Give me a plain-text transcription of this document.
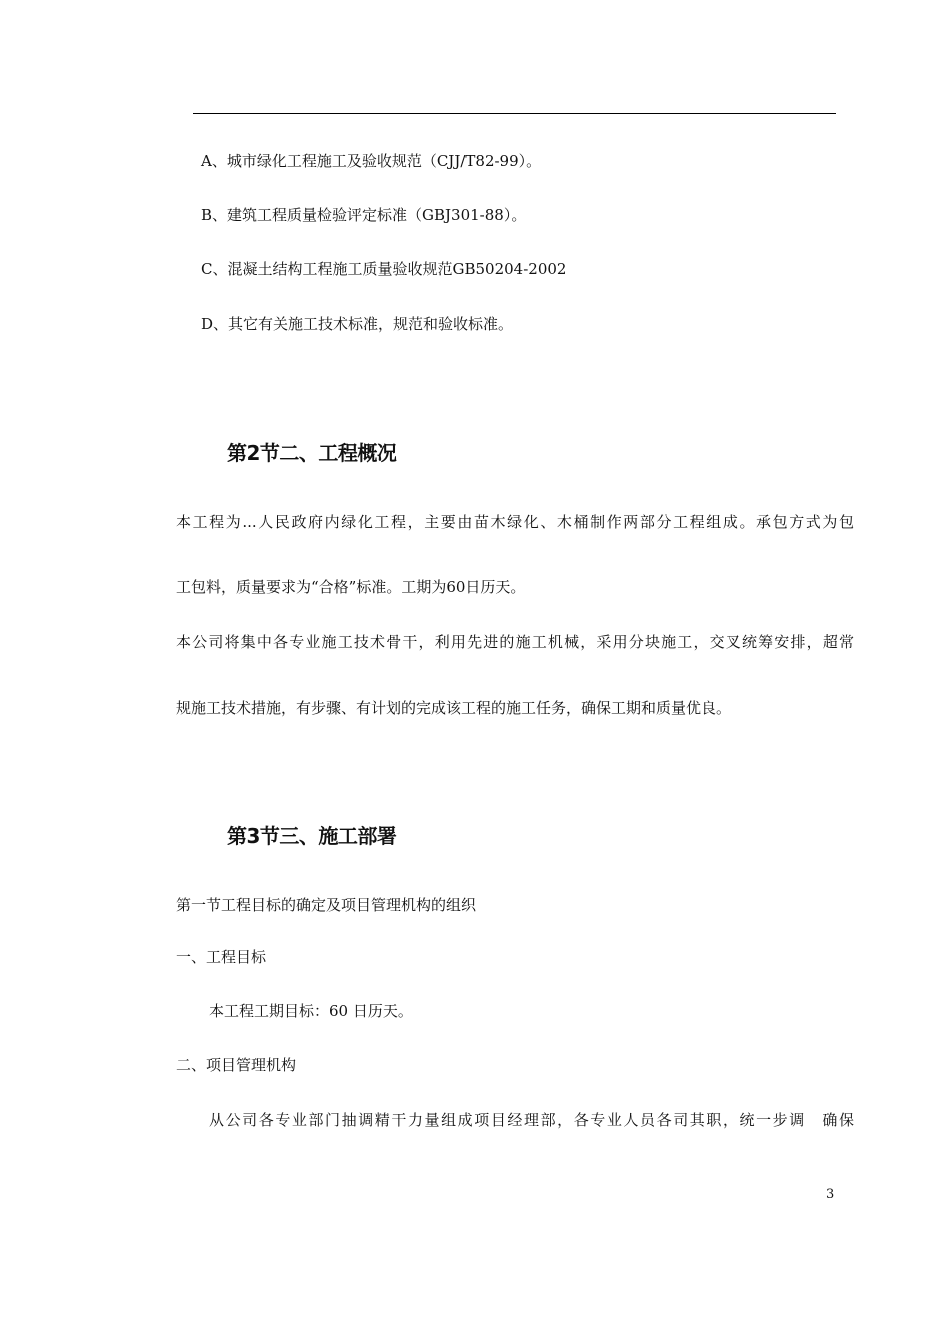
A、城市绿化工程施工及验收规范（CJJ/T82-99）。
B、建筑工程质量检验评定标准（GBJ301-88）。
C、混凝土结构工程施工质量验收规范GB50204-2002
D、其它有关施工技术标准，规范和验收标准。
第2节二、工程概况
本工程为...人民政府内绿化工程，主要由苗木绿化、木桶制作两部分工程组成。承包方式为包
工包料，质量要求为“合格”标准。工期为60日历天。
本公司将集中各专业施工技术骨干，利用先进的施工机械，采用分块施工，交叉统筹安排，超常
规施工技术措施，有步骤、有计划的完成该工程的施工任务，确保工期和质量优良。
第3节三、施工部署
第一节工程目标的确定及项目管理机构的组织
一、工程目标
本工程工期目标：60 日历天。
二、项目管理机构
从公司各专业部门抽调精干力量组成项目经理部，各专业人员各司其职，统一步调　确保
3
